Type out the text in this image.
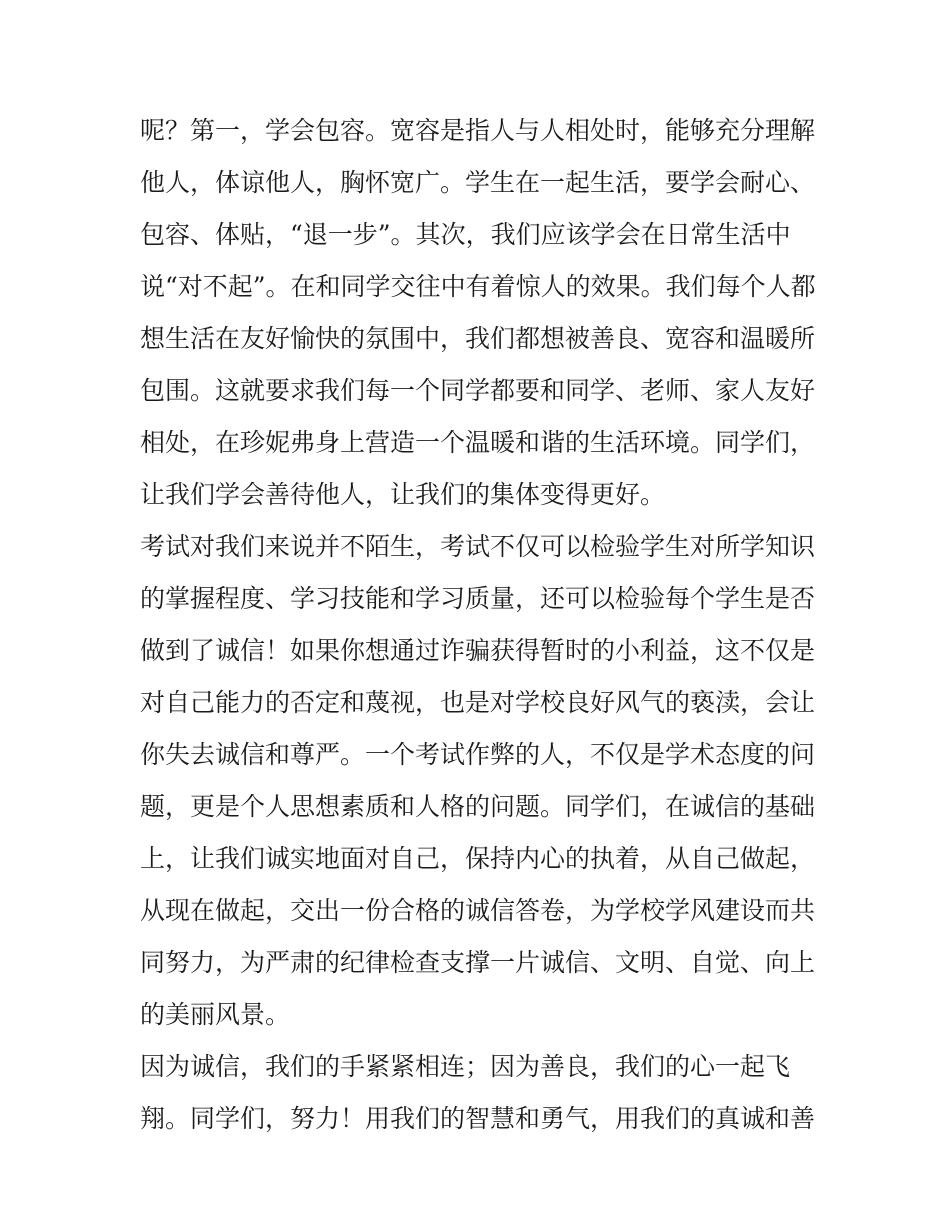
呢？第一，学会包容。宽容是指人与人相处时，能够充分理解

他人，体谅他人，胸怀宽广。学生在一起生活，要学会耐心、

包容、体贴，“退一步”。其次，我们应该学会在日常生活中

说“对不起”。在和同学交往中有着惊人的效果。我们每个人都

想生活在友好愉快的氛围中，我们都想被善良、宽容和温暖所

包围。这就要求我们每一个同学都要和同学、老师、家人友好

相处，在珍妮弗身上营造一个温暖和谐的生活环境。同学们，

让我们学会善待他人，让我们的集体变得更好。

考试对我们来说并不陌生，考试不仅可以检验学生对所学知识

的掌握程度、学习技能和学习质量，还可以检验每个学生是否

做到了诚信！如果你想通过诈骗获得暂时的小利益，这不仅是

对自己能力的否定和蔑视，也是对学校良好风气的亵渎，会让

你失去诚信和尊严。一个考试作弊的人，不仅是学术态度的问

题，更是个人思想素质和人格的问题。同学们，在诚信的基础

上，让我们诚实地面对自己，保持内心的执着，从自己做起，

从现在做起，交出一份合格的诚信答卷，为学校学风建设而共

同努力，为严肃的纪律检查支撑一片诚信、文明、自觉、向上

的美丽风景。

因为诚信，我们的手紧紧相连；因为善良，我们的心一起飞

翔。同学们，努力！用我们的智慧和勇气，用我们的真诚和善
